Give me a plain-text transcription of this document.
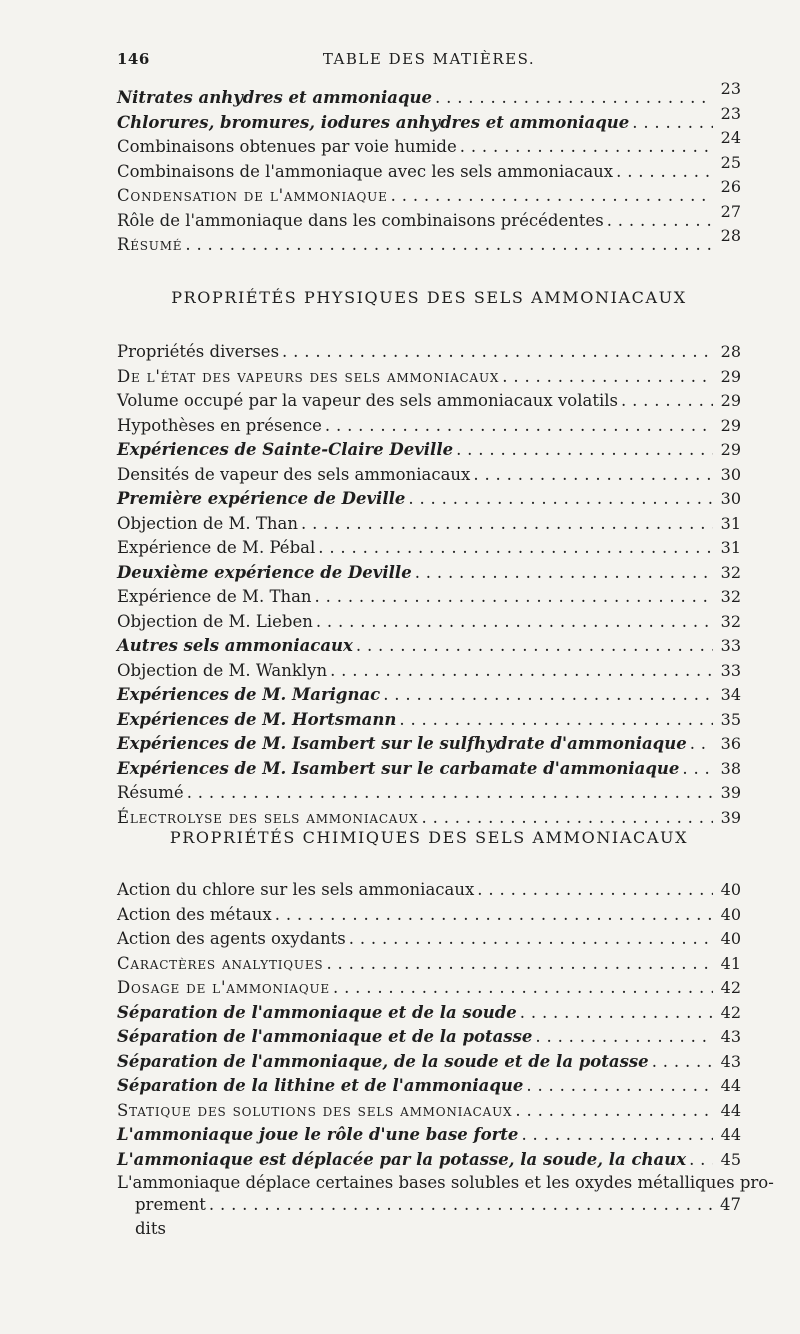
146	TABLE DES MATIÈRES.
Nitrates anhydres et ammoniaque . . .	23
Chlorures, bromures, iodures anhydres et ammoniaque . . .	23
Combinaisons obtenues par voie humide . . .	24
Combinaisons de l'ammoniaque avec les sels ammoniacaux . . .	25
Condensation de l'ammoniaque . . .	26
Rôle de l'ammoniaque dans les combinaisons précédentes . . .	27
Résumé . . .	28
PROPRIÉTÉS PHYSIQUES DES SELS AMMONIACAUX
Propriétés diverses . . .	28
De l'état des vapeurs des sels ammoniacaux . . .	29
Volume occupé par la vapeur des sels ammoniacaux volatils . . .	29
Hypothèses en présence . . .	29
Expériences de Sainte-Claire Deville . . .	29
Densités de vapeur des sels ammoniacaux . . .	30
Première expérience de Deville . . .	30
Objection de M. Than . . .	31
Expérience de M. Pébal . . .	31
Deuxième expérience de Deville . . .	32
Expérience de M. Than . . .	32
Objection de M. Lieben . . .	32
Autres sels ammoniacaux . . .	33
Objection de M. Wanklyn . . .	33
Expériences de M. Marignac . . .	34
Expériences de M. Hortsmann . . .	35
Expériences de M. Isambert sur le sulfhydrate d'ammoniaque . . . 36
Expériences de M. Isambert sur le carbamate d'ammoniaque . . .	38
Résumé . . .	39
Électrolyse des sels ammoniacaux . . .	39
PROPRIÉTÉS CHIMIQUES DES SELS AMMONIACAUX
Action du chlore sur les sels ammoniacaux . . .	40
Action des métaux . . .	40
Action des agents oxydants . . .	40
Caractères analytiques . . .	41
Dosage de l'ammoniaque . . .	42
Séparation de l'ammoniaque et de la soude . . .	42
Séparation de l'ammoniaque et de la potasse . . .	43
Séparation de l'ammoniaque, de la soude et de la potasse . . .	43
Séparation de la lithine et de l'ammoniaque . . .	44
Statique des solutions des sels ammoniacaux . . .	44
L'ammoniaque joue le rôle d'une base forte . . .	44
L'ammoniaque est déplacée par la potasse, la soude, la chaux . . . 45
L'ammoniaque déplace certaines bases solubles et les oxydes métalliques pro-
prement dits
. . .
47
